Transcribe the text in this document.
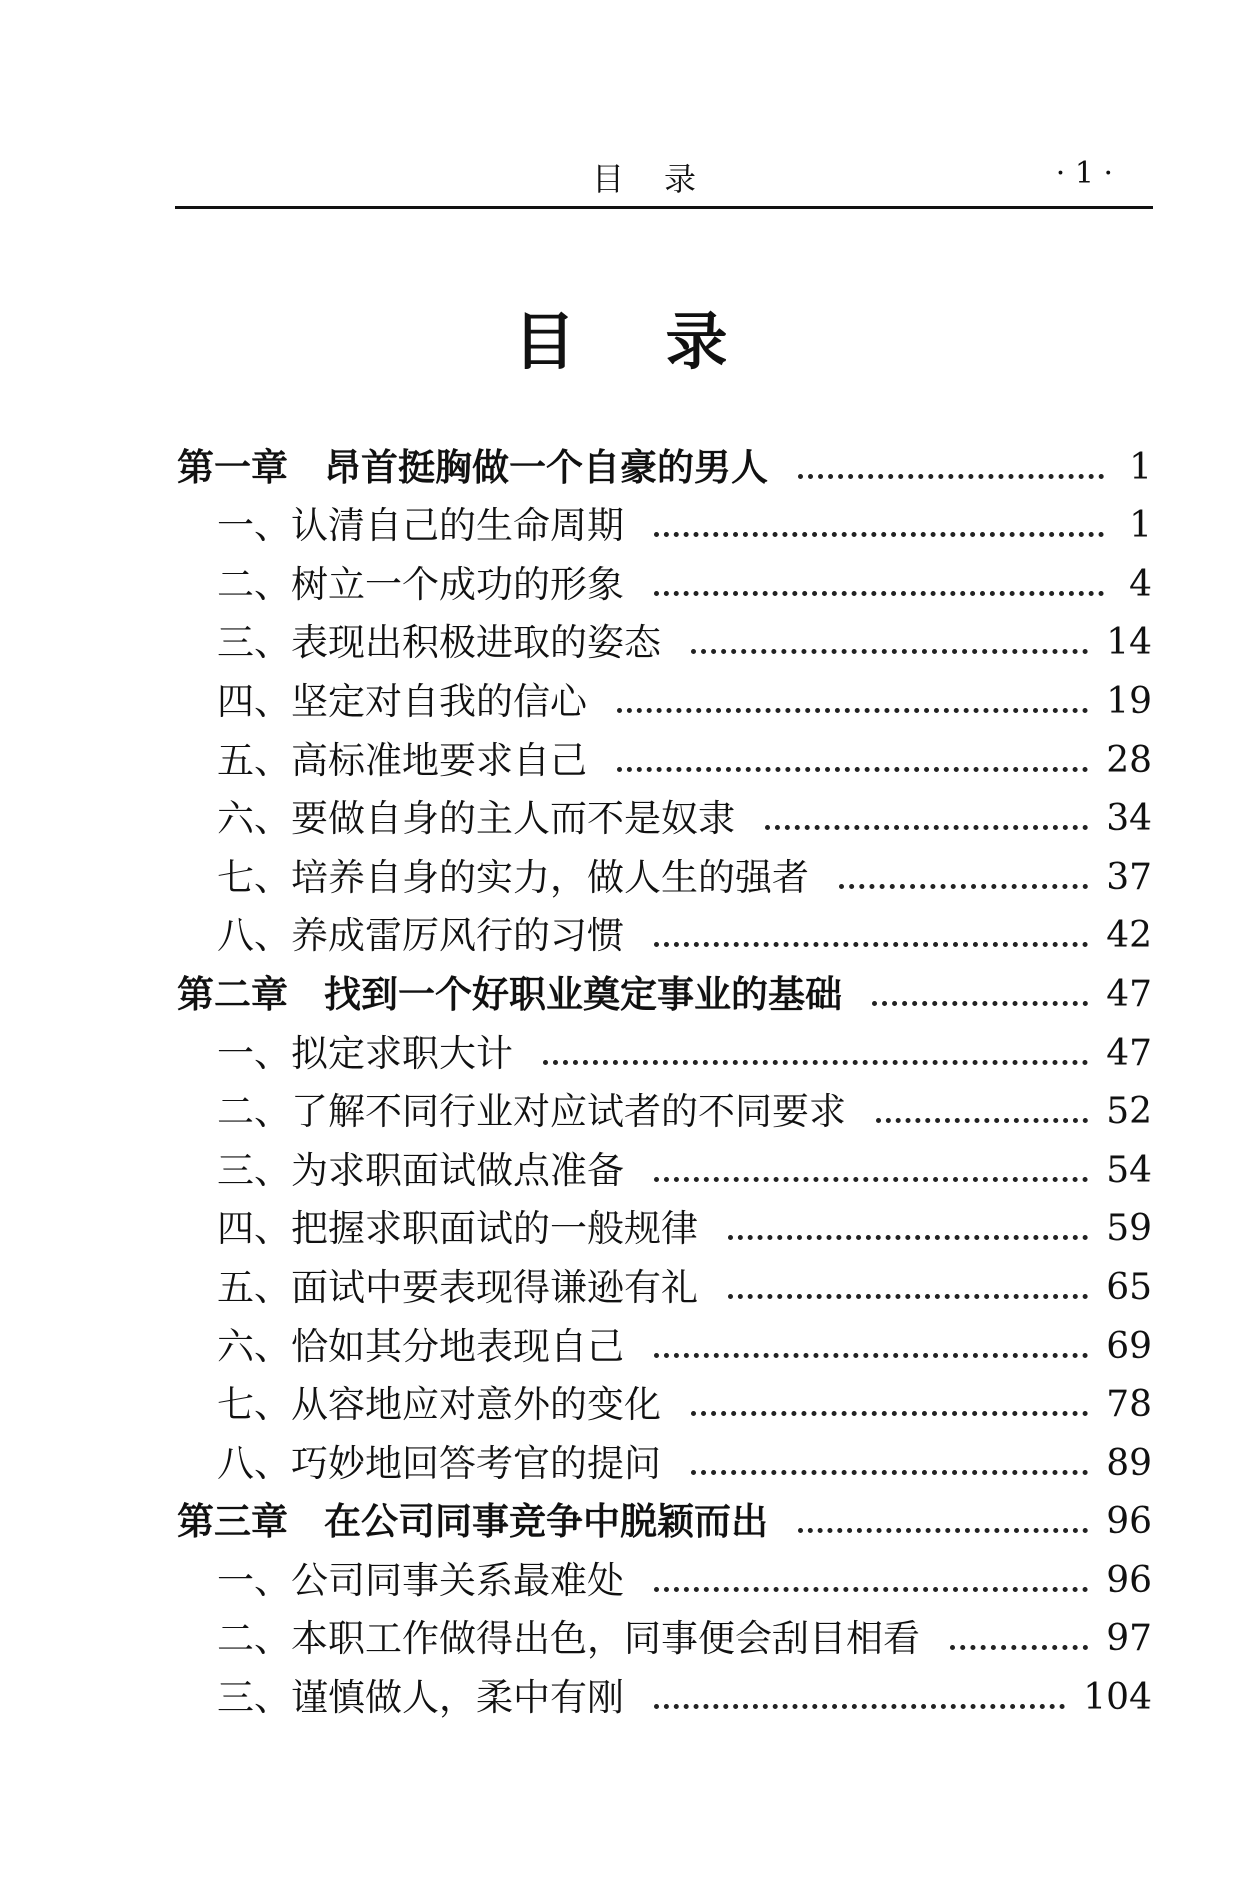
目录	· 1 ·
目录
第一章 昂首挺胸做一个自豪的男人	1
一、认清自己的生命周期	1
二、树立一个成功的形象	4
三、表现出积极进取的姿态	14
四、坚定对自我的信心	19
五、高标准地要求自己	28
六、要做自身的主人而不是奴隶	34
七、培养自身的实力，做人生的强者	37
八、养成雷厉风行的习惯	42
第二章 找到一个好职业奠定事业的基础	47
一、拟定求职大计	47
二、了解不同行业对应试者的不同要求	52
三、为求职面试做点准备	54
四、把握求职面试的一般规律	59
五、面试中要表现得谦逊有礼	65
六、恰如其分地表现自己	69
七、从容地应对意外的变化	78
八、巧妙地回答考官的提问	89
第三章 在公司同事竞争中脱颖而出	96
一、公司同事关系最难处	96
二、本职工作做得出色，同事便会刮目相看	97
三、谨慎做人，柔中有刚	104
